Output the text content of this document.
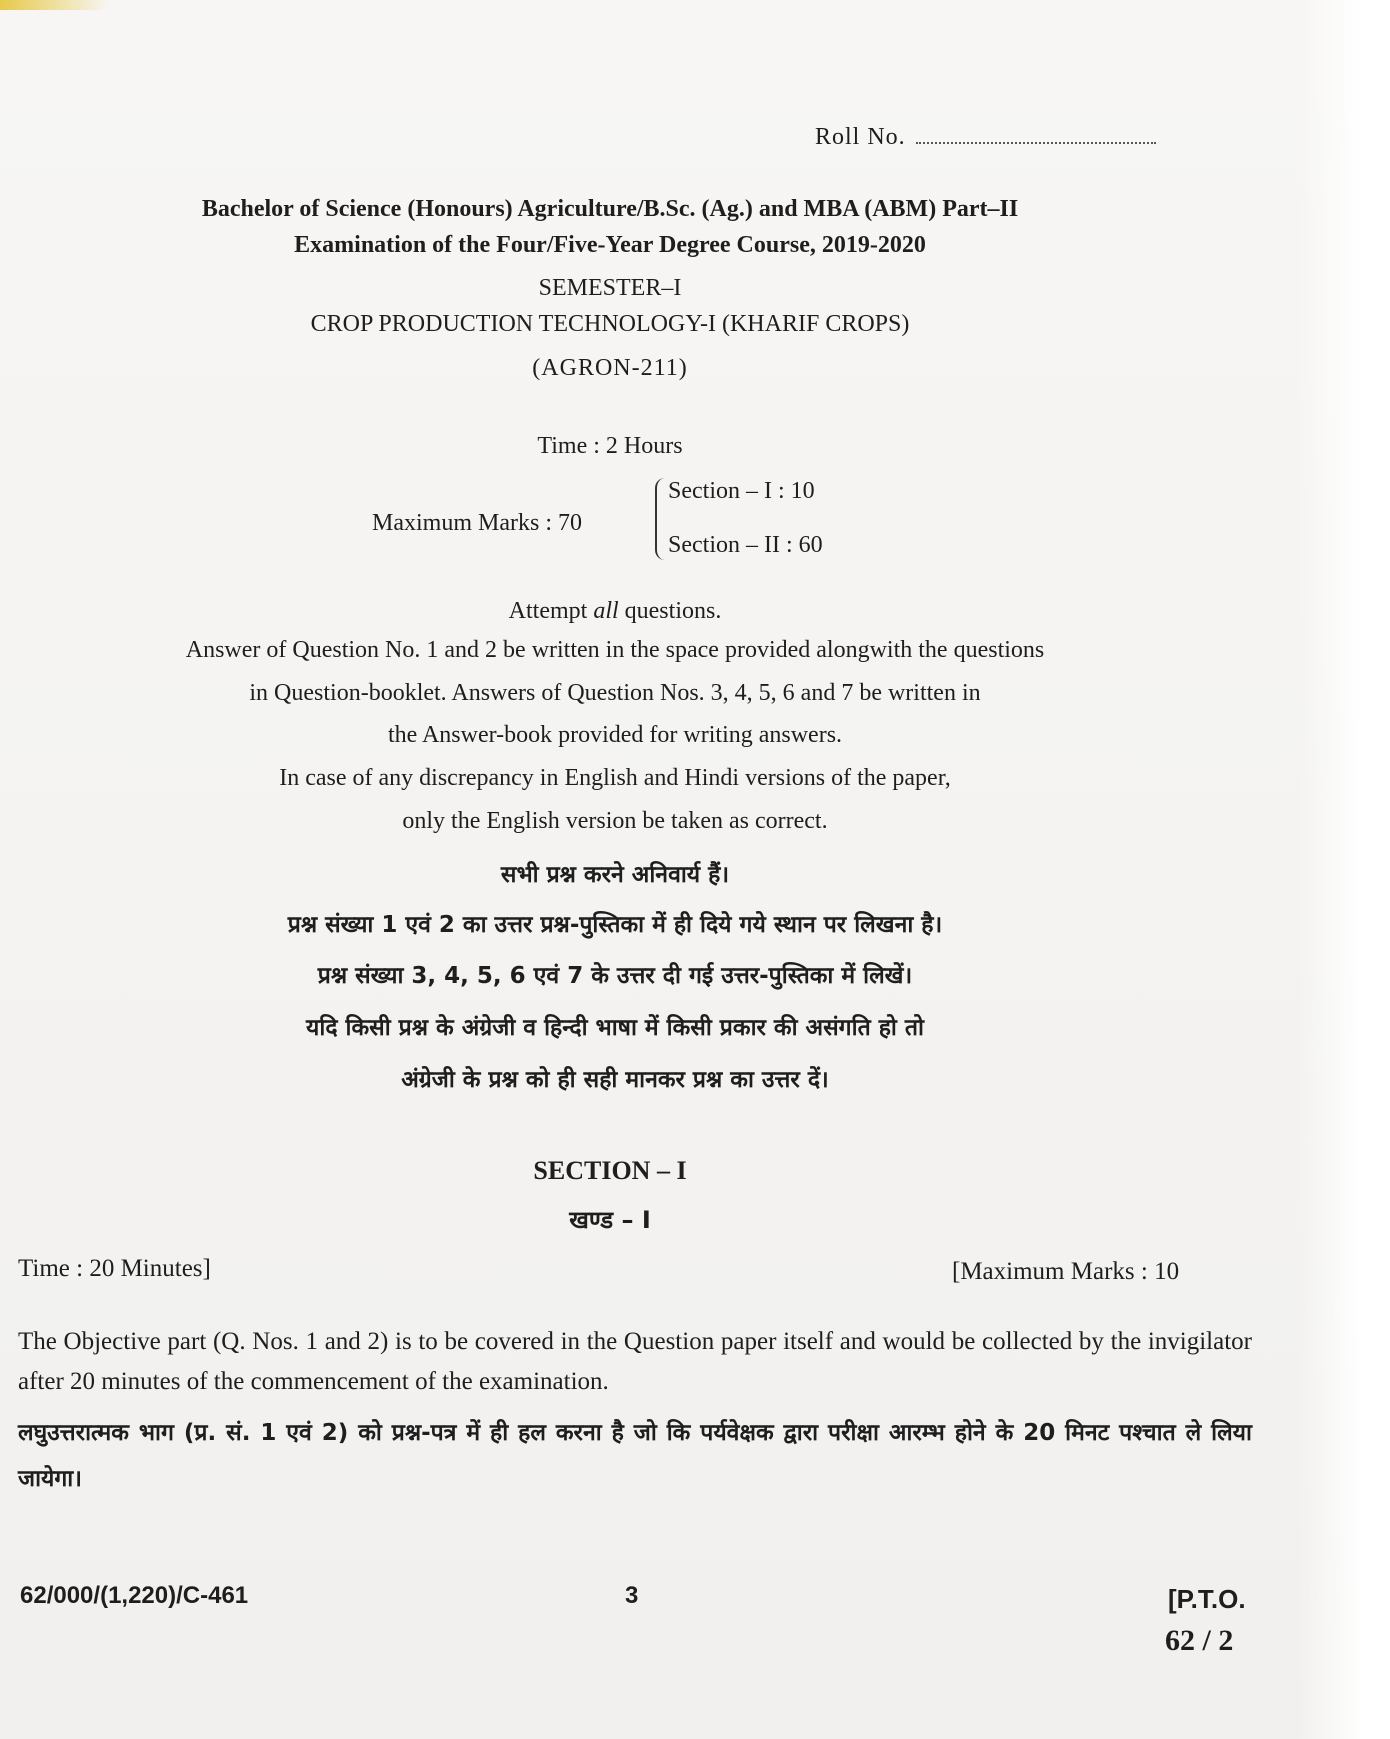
Roll No.
Bachelor of Science (Honours) Agriculture/B.Sc. (Ag.) and MBA (ABM) Part–II
Examination of the Four/Five-Year Degree Course, 2019-2020
SEMESTER–I
CROP PRODUCTION TECHNOLOGY-I (KHARIF CROPS)
(AGRON-211)
Time : 2 Hours
Maximum Marks : 70
Section – I : 10
Section – II : 60
Attempt all questions.
Answer of Question No. 1 and 2 be written in the space provided alongwith the questions
in Question-booklet. Answers of Question Nos. 3, 4, 5, 6 and 7 be written in
the Answer-book provided for writing answers.
In case of any discrepancy in English and Hindi versions of the paper,
only the English version be taken as correct.
सभी प्रश्न करने अनिवार्य हैं।
प्रश्न संख्या 1 एवं 2 का उत्तर प्रश्न-पुस्तिका में ही दिये गये स्थान पर लिखना है।
प्रश्न संख्या 3, 4, 5, 6 एवं 7 के उत्तर दी गई उत्तर-पुस्तिका में लिखें।
यदि किसी प्रश्न के अंग्रेजी व हिन्दी भाषा में किसी प्रकार की असंगति हो तो
अंग्रेजी के प्रश्न को ही सही मानकर प्रश्न का उत्तर दें।
SECTION – I
खण्ड – I
Time : 20 Minutes]	[Maximum Marks : 10
The Objective part (Q. Nos. 1 and 2) is to be covered in the Question paper itself and would be collected by the invigilator after 20 minutes of the commencement of the examination.
लघुउत्तरात्मक भाग (प्र. सं. 1 एवं 2) को प्रश्न-पत्र में ही हल करना है जो कि पर्यवेक्षक द्वारा परीक्षा आरम्भ होने के 20 मिनट पश्चात ले लिया जायेगा।
62/000/(1,220)/C-461	3	[P.T.O.
62 / 2
